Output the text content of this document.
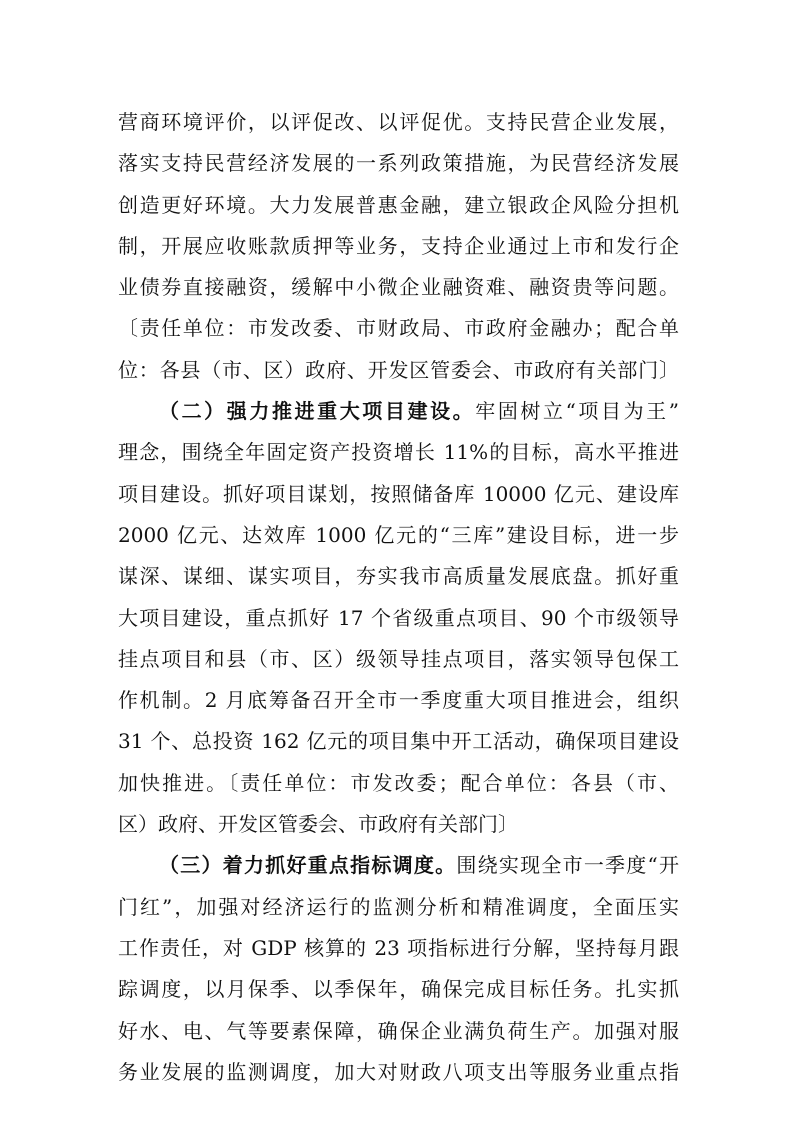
营商环境评价，以评促改、以评促优。支持民营企业发展，
落实支持民营经济发展的一系列政策措施，为民营经济发展
创造更好环境。大力发展普惠金融，建立银政企风险分担机
制，开展应收账款质押等业务，支持企业通过上市和发行企
业债券直接融资，缓解中小微企业融资难、融资贵等问题。
〔责任单位：市发改委、市财政局、市政府金融办；配合单
位：各县（市、区）政府、开发区管委会、市政府有关部门〕
（二）强力推进重大项目建设。牢固树立“项目为王”
理念，围绕全年固定资产投资增长 11%的目标，高水平推进
项目建设。抓好项目谋划，按照储备库 10000 亿元、建设库
2000 亿元、达效库 1000 亿元的“三库”建设目标，进一步
谋深、谋细、谋实项目，夯实我市高质量发展底盘。抓好重
大项目建设，重点抓好 17 个省级重点项目、90 个市级领导
挂点项目和县（市、区）级领导挂点项目，落实领导包保工
作机制。2 月底筹备召开全市一季度重大项目推进会，组织
31 个、总投资 162 亿元的项目集中开工活动，确保项目建设
加快推进。〔责任单位：市发改委；配合单位：各县（市、
区）政府、开发区管委会、市政府有关部门〕
（三）着力抓好重点指标调度。围绕实现全市一季度“开
门红”，加强对经济运行的监测分析和精准调度，全面压实
工作责任，对 GDP 核算的 23 项指标进行分解，坚持每月跟
踪调度，以月保季、以季保年，确保完成目标任务。扎实抓
好水、电、气等要素保障，确保企业满负荷生产。加强对服
务业发展的监测调度，加大对财政八项支出等服务业重点指
